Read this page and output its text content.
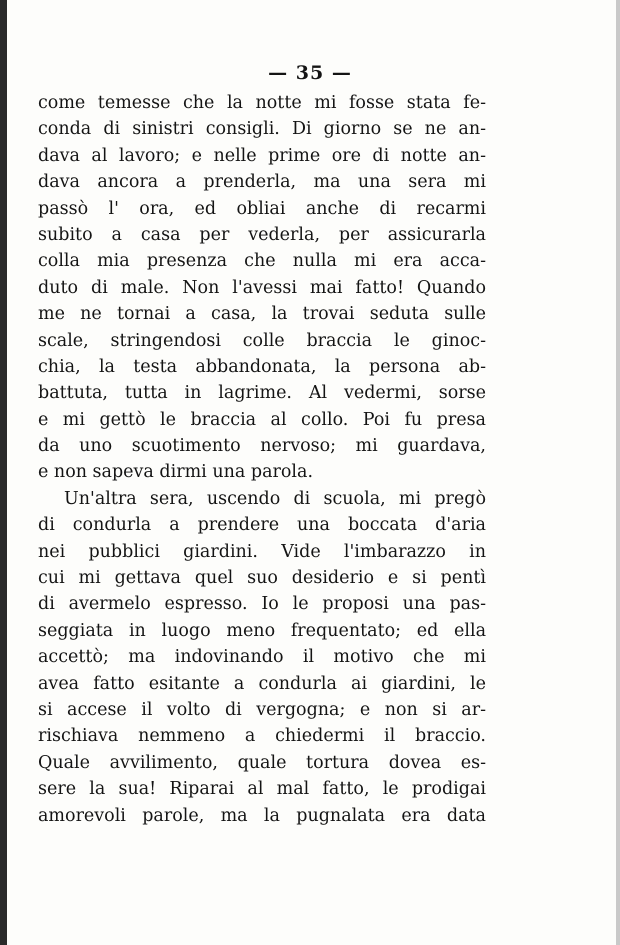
— 35 —
come temesse che la notte mi fosse stata fe-
conda di sinistri consigli. Di giorno se ne an-
dava al lavoro; e nelle prime ore di notte an-
dava ancora a prenderla, ma una sera mi
passò l' ora, ed obliai anche di recarmi
subito a casa per vederla, per assicurarla
colla mia presenza che nulla mi era acca-
duto di male. Non l'avessi mai fatto! Quando
me ne tornai a casa, la trovai seduta sulle
scale, stringendosi colle braccia le ginoc-
chia, la testa abbandonata, la persona ab-
battuta, tutta in lagrime. Al vedermi, sorse
e mi gettò le braccia al collo. Poi fu presa
da uno scuotimento nervoso; mi guardava,
e non sapeva dirmi una parola.
Un'altra sera, uscendo di scuola, mi pregò
di condurla a prendere una boccata d'aria
nei pubblici giardini. Vide l'imbarazzo in
cui mi gettava quel suo desiderio e si pentì
di avermelo espresso. Io le proposi una pas-
seggiata in luogo meno frequentato; ed ella
accettò; ma indovinando il motivo che mi
avea fatto esitante a condurla ai giardini, le
si accese il volto di vergogna; e non si ar-
rischiava nemmeno a chiedermi il braccio.
Quale avvilimento, quale tortura dovea es-
sere la sua! Riparai al mal fatto, le prodigai
amorevoli parole, ma la pugnalata era data
